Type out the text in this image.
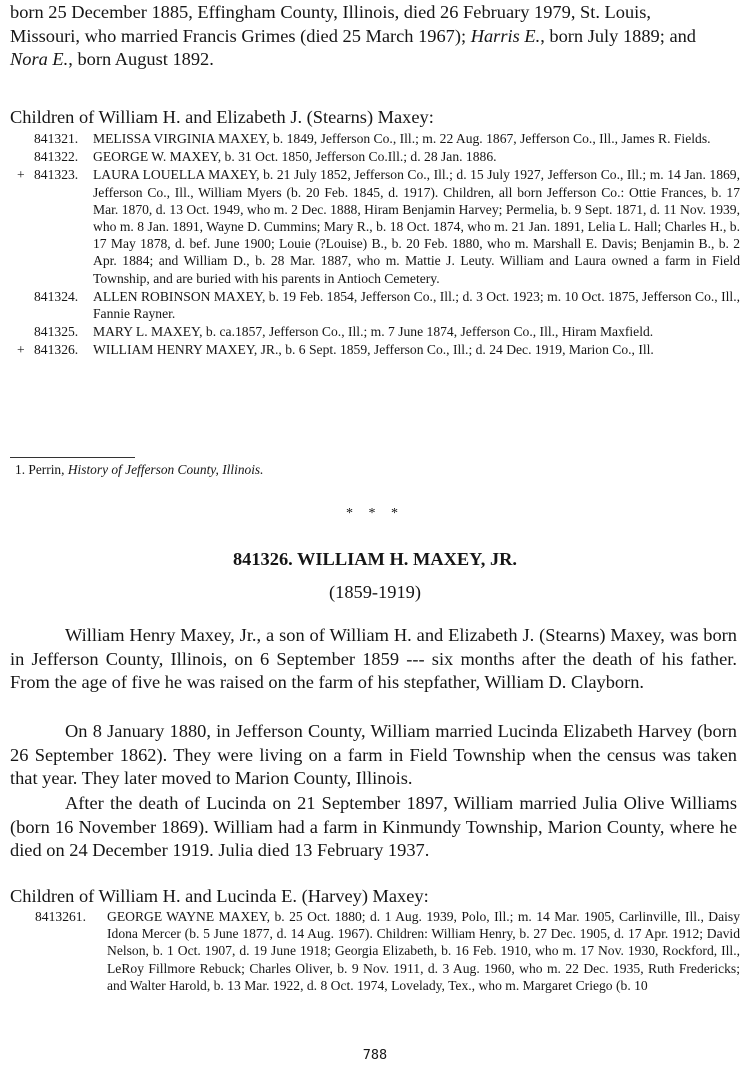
born 25 December 1885, Effingham County, Illinois, died 26 February 1979, St. Louis,

Missouri, who married Francis Grimes (died 25 March 1967); Harris E., born July 1889; and

Nora E., born August 1892.

Children of William H. and Elizabeth J. (Stearns) Maxey:
841321. MELISSA VIRGINIA MAXEY, b. 1849, Jefferson Co., Ill.; m. 22 Aug. 1867, Jefferson Co., Ill., James R. Fields.
841322. GEORGE W. MAXEY, b. 31 Oct. 1850, Jefferson Co.Ill.; d. 28 Jan. 1886.
+ 841323. LAURA LOUELLA MAXEY, b. 21 July 1852, Jefferson Co., Ill.; d. 15 July 1927, Jefferson Co., Ill.; m. 14 Jan. 1869, Jefferson Co., Ill., William Myers (b. 20 Feb. 1845, d. 1917). Children, all born Jefferson Co.: Ottie Frances, b. 17 Mar. 1870, d. 13 Oct. 1949, who m. 2 Dec. 1888, Hiram Benjamin Harvey; Permelia, b. 9 Sept. 1871, d. 11 Nov. 1939, who m. 8 Jan. 1891, Wayne D. Cummins; Mary R., b. 18 Oct. 1874, who m. 21 Jan. 1891, Lelia L. Hall; Charles H., b. 17 May 1878, d. bef. June 1900; Louie (?Louise) B., b. 20 Feb. 1880, who m. Marshall E. Davis; Benjamin B., b. 2 Apr. 1884; and William D., b. 28 Mar. 1887, who m. Mattie J. Leuty. William and Laura owned a farm in Field Township, and are buried with his parents in Antioch Cemetery.
841324. ALLEN ROBINSON MAXEY, b. 19 Feb. 1854, Jefferson Co., Ill.; d. 3 Oct. 1923; m. 10 Oct. 1875, Jefferson Co., Ill., Fannie Rayner.
841325. MARY L. MAXEY, b. ca.1857, Jefferson Co., Ill.; m. 7 June 1874, Jefferson Co., Ill., Hiram Maxfield.
+ 841326. WILLIAM HENRY MAXEY, JR., b. 6 Sept. 1859, Jefferson Co., Ill.; d. 24 Dec. 1919, Marion Co., Ill.
1. Perrin, History of Jefferson County, Illinois.
* * *
841326. WILLIAM H. MAXEY, JR.
(1859-1919)

William Henry Maxey, Jr., a son of William H. and Elizabeth J. (Stearns) Maxey, was born in Jefferson County, Illinois, on 6 September 1859 --- six months after the death of his father. From the age of five he was raised on the farm of his stepfather, William D. Clayborn.

On 8 January 1880, in Jefferson County, William married Lucinda Elizabeth Harvey (born 26 September 1862). They were living on a farm in Field Township when the census was taken that year. They later moved to Marion County, Illinois.

After the death of Lucinda on 21 September 1897, William married Julia Olive Williams (born 16 November 1869). William had a farm in Kinmundy Township, Marion County, where he died on 24 December 1919. Julia died 13 February 1937.

Children of William H. and Lucinda E. (Harvey) Maxey:
8413261. GEORGE WAYNE MAXEY, b. 25 Oct. 1880; d. 1 Aug. 1939, Polo, Ill.; m. 14 Mar. 1905, Carlinville, Ill., Daisy Idona Mercer (b. 5 June 1877, d. 14 Aug. 1967). Children: William Henry, b. 27 Dec. 1905, d. 17 Apr. 1912; David Nelson, b. 1 Oct. 1907, d. 19 June 1918; Georgia Elizabeth, b. 16 Feb. 1910, who m. 17 Nov. 1930, Rockford, Ill., LeRoy Fillmore Rebuck; Charles Oliver, b. 9 Nov. 1911, d. 3 Aug. 1960, who m. 22 Dec. 1935, Ruth Fredericks; and Walter Harold, b. 13 Mar. 1922, d. 8 Oct. 1974, Lovelady, Tex., who m. Margaret Criego (b. 10
788
